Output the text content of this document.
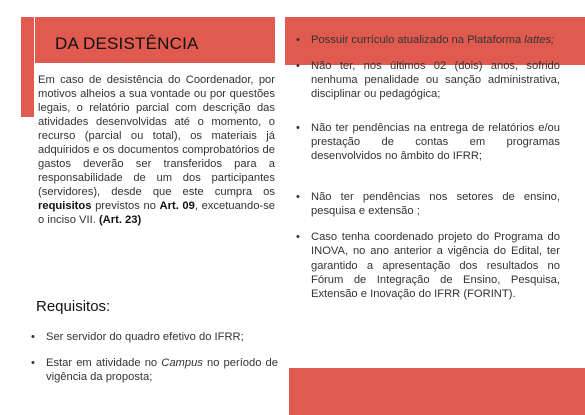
DA DESISTÊNCIA
Em caso de desistência do Coordenador, por motivos alheios a sua vontade ou por questões legais, o relatório parcial com descrição das atividades desenvolvidas até o momento, o recurso (parcial ou total), os materiais já adquiridos e os documentos comprobatórios de gastos deverão ser transferidos para a responsabilidade de um dos participantes (servidores), desde que este cumpra os requisitos previstos no Art. 09, excetuando-se o inciso VII. (Art. 23)
Requisitos:
• Ser servidor do quadro efetivo do IFRR;
• Estar em atividade no Campus no período de vigência da proposta;
• Possuir currículo atualizado na Plataforma lattes;
• Não ter, nos últimos 02 (dois) anos, sofrido nenhuma penalidade ou sanção administrativa, disciplinar ou pedagógica;
• Não ter pendências na entrega de relatórios e/ou prestação de contas em programas desenvolvidos no âmbito do IFRR;
• Não ter pendências nos setores de ensino, pesquisa e extensão ;
• Caso tenha coordenado projeto do Programa do INOVA, no ano anterior a vigência do Edital, ter garantido a apresentação dos resultados no Fórum de Integração de Ensino, Pesquisa, Extensão e Inovação do IFRR (FORINT).
